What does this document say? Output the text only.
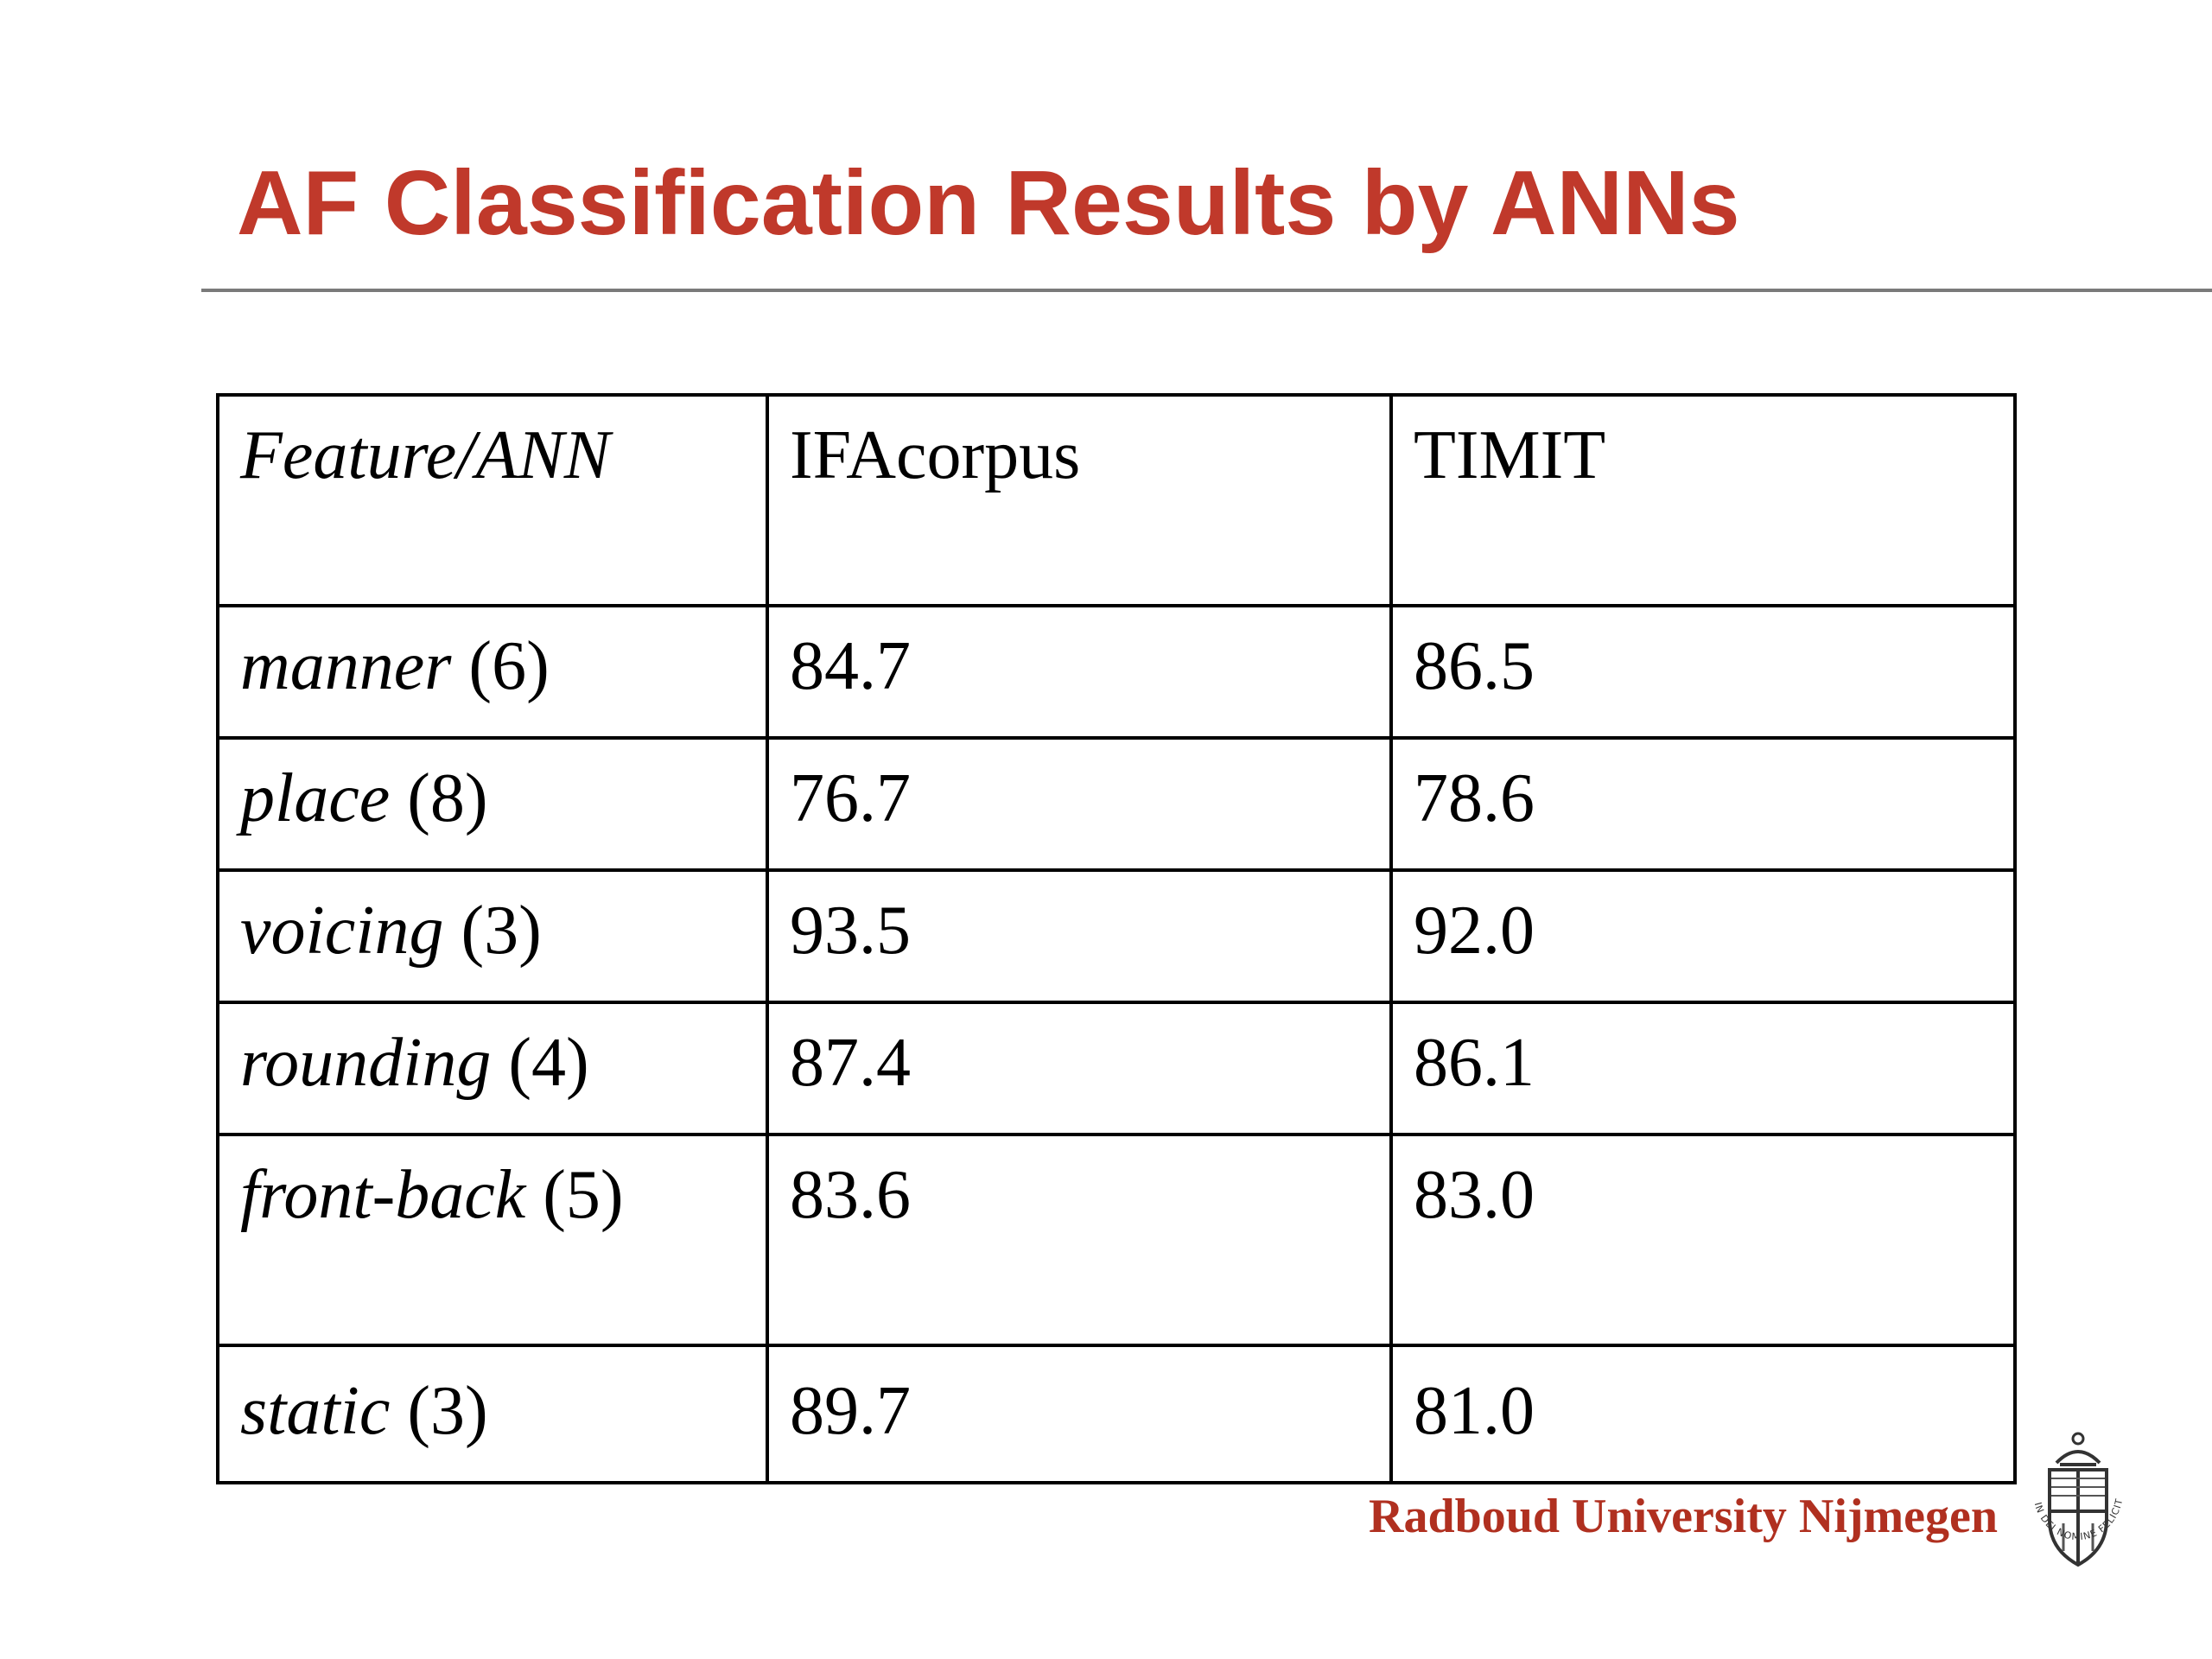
AF Classification Results by ANNs
Feature/ANN	IFAcorpus	TIMIT
manner (6)	84.7	86.5
place (8)	76.7	78.6
voicing (3)	93.5	92.0
rounding (4)	87.4	86.1
front-back (5)	83.6	83.0
static (3)	89.7	81.0
Radboud University Nijmegen	IN DEI NOMINE FELICIT
